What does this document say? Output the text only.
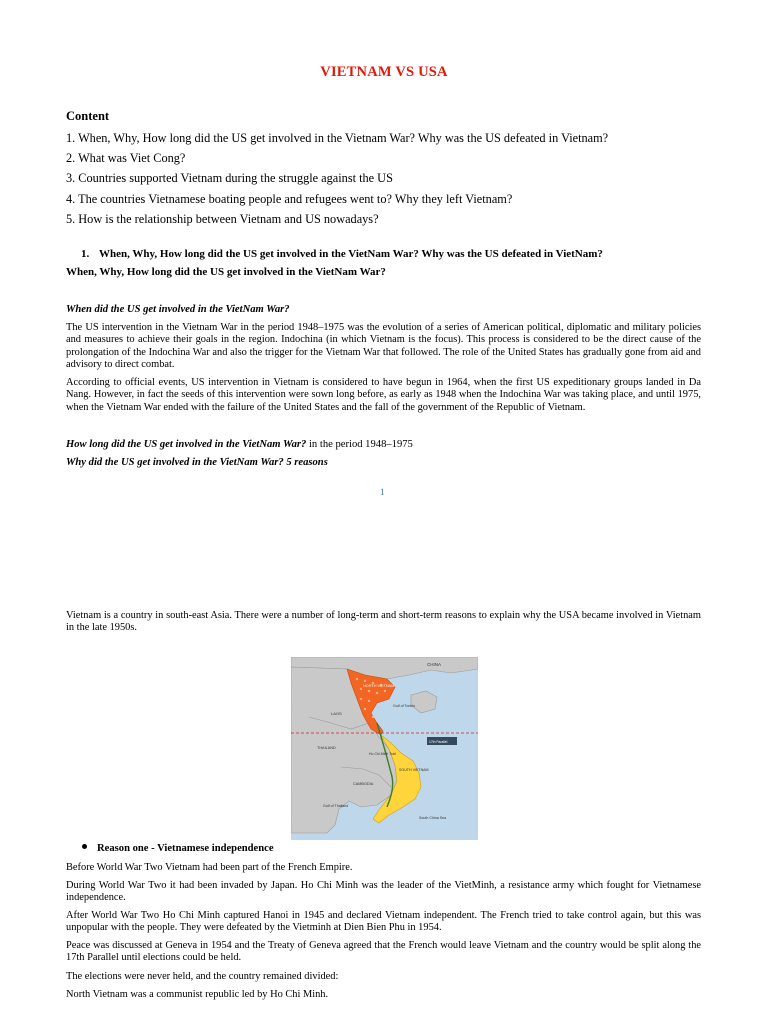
VIETNAM VS USA
Content
1. When, Why, How long did the US get involved in the Vietnam War? Why was the US defeated in Vietnam?
2. What was Viet Cong?
3. Countries supported Vietnam during the struggle against the US
4. The countries Vietnamese boating people and refugees went to? Why they left Vietnam?
5. How is the relationship between Vietnam and US nowadays?
1. When, Why, How long did the US get involved in the VietNam War? Why was the US defeated in VietNam?
When, Why, How long did the US get involved in the VietNam War?
When did the US get involved in the VietNam War?

The US intervention in the Vietnam War in the period 1948–1975 was the evolution of a series of American political, diplomatic and military policies and measures to achieve their goals in the region. Indochina (in which Vietnam is the focus). This process is considered to be the direct cause of the prolongation of the Indochina War and also the trigger for the Vietnam War that followed. The role of the United States has gradually gone from aid and advisory to direct combat.

According to official events, US intervention in Vietnam is considered to have begun in 1964, when the first US expeditionary groups landed in Da Nang. However, in fact the seeds of this intervention were sown long before, as early as 1948 when the Indochina War was taking place, and until 1975, when the Vietnam War ended with the failure of the United States and the fall of the government of the Republic of Vietnam.

How long did the US get involved in the VietNam War? in the period 1948–1975
Why did the US get involved in the VietNam War? 5 reasons
1

Vietnam is a country in south-east Asia. There were a number of long-term and short-term reasons to explain why the USA became involved in Vietnam in the late 1950s.

CHINA
NORTH VIETNAM
Gulf of Tonkin
LAOS
17th Parallel
THAILAND
Ho Chi Minh Trail
SOUTH VIETNAM
CAMBODIA
Gulf of Thailand
South China Sea
Reason one - Vietnamese independence

Before World War Two Vietnam had been part of the French Empire.

During World War Two it had been invaded by Japan. Ho Chi Minh was the leader of the VietMinh, a resistance army which fought for Vietnamese independence.

After World War Two Ho Chi Minh captured Hanoi in 1945 and declared Vietnam independent. The French tried to take control again, but this was unpopular with the people. They were defeated by the Vietminh at Dien Bien Phu in 1954.

Peace was discussed at Geneva in 1954 and the Treaty of Geneva agreed that the French would leave Vietnam and the country would be split along the 17th Parallel until elections could be held.

The elections were never held, and the country remained divided:

North Vietnam was a communist republic led by Ho Chi Minh.
